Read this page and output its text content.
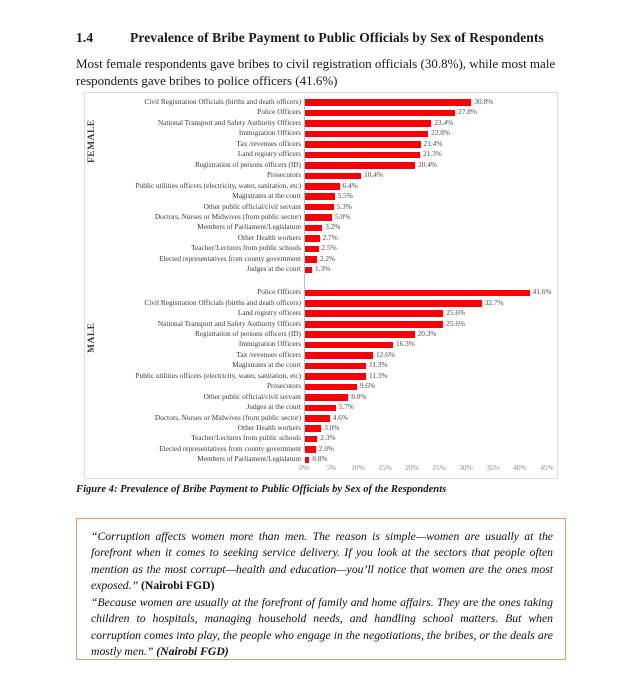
1.4	Prevalence of Bribe Payment to Public Officials by Sex of Respondents
Most female respondents gave bribes to civil registration officials (30.8%), while most male respondents gave bribes to police officers (41.6%)
Civil Registration Officials (births and death officers)	30.8%
Police Officers	27.8%
National Transport and Safety Authority Officers	23.4%
Immigration Officers	22.8%
Tax /revenues officers	21.4%
Land registry officers	21.3%
Registration of persons officers (ID)	20.4%
Prosecutors	10.4%
Public utilities officers (electricity, water, sanitation, etc)	6.4%
Magistrates at the court	5.5%
Other public official/civil servant	5.3%
Doctors, Nurses or Midwives (from public sector)	5.0%
Members of Parliament/Legislature	3.2%
Other Health workers	2.7%
Teacher/Lectures from public schools	2.5%
Elected representatives from county government	2.2%
Judges at the court 1.3%
FEMALE
Police Officers	41.6%
Civil Registration Officials (births and death officers)	32.7%
Land registry officers	25.6%
National Transport and Safety Authority Officers	25.6%
Registration of persons officers (ID)	20.3%
Immigration Officers	16.3%
Tax /revenues officers	12.6%
Magistrates at the court	11.3%
Public utilities officers (electricity, water, sanitation, etc)	11.3%
Prosecutors	9.6%
Other public official/civil servant	8.0%
Judges at the court	5.7%
Doctors, Nurses or Midwives (from public sector)	4.6%
Other Health workers	3.0%
Teacher/Lectures from public schools	2.3%
Elected representatives from county government 2.0%
Members of Parliament/Legislature 0.8%
MALE
0% 5% 10% 15% 20% 25% 30% 35% 40% 45%
Figure 4: Prevalence of Bribe Payment to Public Officials by Sex of the Respondents
“Corruption affects women more than men. The reason is simple—women are usually at the forefront when it comes to seeking service delivery. If you look at the sectors that people often mention as the most corrupt—health and education—you’ll notice that women are the ones most exposed.” (Nairobi FGD)
“Because women are usually at the forefront of family and home affairs. They are the ones taking children to hospitals, managing household needs, and handling school matters. But when corruption comes into play, the people who engage in the negotiations, the bribes, or the deals are mostly men.” (Nairobi FGD)
